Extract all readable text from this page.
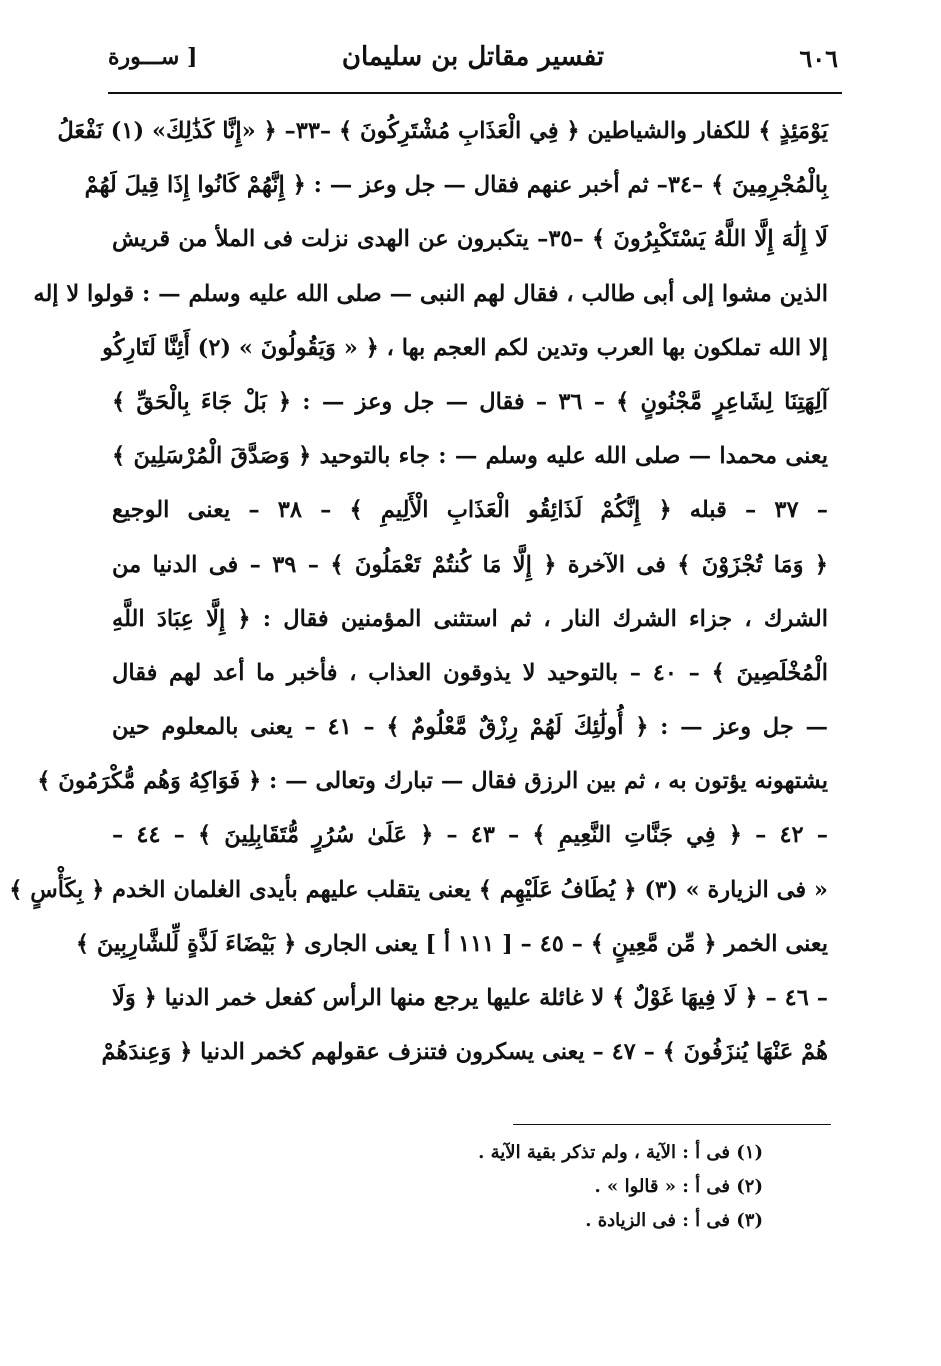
٦٠٦
تفسير مقاتل بن سليمان
[ ســـورة
يَوْمَئِذٍ ﴾ للكفار والشياطين ﴿ فِي الْعَذَابِ مُشْتَرِكُونَ ﴾ –٣٣– ﴿ «إِنَّا كَذَٰلِكَ» (١) نَفْعَلُ
بِالْمُجْرِمِينَ ﴾ –٣٤– ثم أخبر عنهم فقال — جل وعز — : ﴿ إِنَّهُمْ كَانُوا إِذَا قِيلَ لَهُمْ
لَا إِلَٰهَ إِلَّا اللَّهُ يَسْتَكْبِرُونَ ﴾ –٣٥– يتكبرون عن الهدى نزلت فى الملأ من قريش
الذين مشوا إلى أبى طالب ، فقال لهم النبى — صلى الله عليه وسلم — : قولوا لا إله
إلا الله تملكون بها العرب وتدين لكم العجم بها ، ﴿ « وَيَقُولُونَ » (٢) أَئِنَّا لَتَارِكُو
آلِهَتِنَا لِشَاعِرٍ مَّجْنُونٍ ﴾ – ٣٦ – فقال — جل وعز — : ﴿ بَلْ جَاءَ بِالْحَقِّ ﴾
يعنى محمدا — صلى الله عليه وسلم — : جاء بالتوحيد ﴿ وَصَدَّقَ الْمُرْسَلِينَ ﴾
– ٣٧ – قبله ﴿ إِنَّكُمْ لَذَائِقُو الْعَذَابِ الْأَلِيمِ ﴾ – ٣٨ – يعنى الوجيع
﴿ وَمَا تُجْزَوْنَ ﴾ فى الآخرة ﴿ إِلَّا مَا كُنتُمْ تَعْمَلُونَ ﴾ – ٣٩ – فى الدنيا من
الشرك ، جزاء الشرك النار ، ثم استثنى المؤمنين فقال : ﴿ إِلَّا عِبَادَ اللَّهِ
الْمُخْلَصِينَ ﴾ – ٤٠ – بالتوحيد لا يذوقون العذاب ، فأخبر ما أعد لهم فقال
— جل وعز — : ﴿ أُولَٰئِكَ لَهُمْ رِزْقٌ مَّعْلُومٌ ﴾ – ٤١ – يعنى بالمعلوم حين
يشتهونه يؤتون به ، ثم بين الرزق فقال — تبارك وتعالى — : ﴿ فَوَاكِهُ وَهُم مُّكْرَمُونَ ﴾
– ٤٢ – ﴿ فِي جَنَّاتِ النَّعِيمِ ﴾ – ٤٣ – ﴿ عَلَىٰ سُرُرٍ مُّتَقَابِلِينَ ﴾ – ٤٤ –
« فى الزيارة » (٣) ﴿ يُطَافُ عَلَيْهِم ﴾ يعنى يتقلب عليهم بأيدى الغلمان الخدم ﴿ بِكَأْسٍ ﴾
يعنى الخمر ﴿ مِّن مَّعِينٍ ﴾ – ٤٥ – [ ١١١ أ ] يعنى الجارى ﴿ بَيْضَاءَ لَذَّةٍ لِّلشَّارِبِينَ ﴾
– ٤٦ – ﴿ لَا فِيهَا غَوْلٌ ﴾ لا غائلة عليها يرجع منها الرأس كفعل خمر الدنيا ﴿ وَلَا
هُمْ عَنْهَا يُنزَفُونَ ﴾ – ٤٧ – يعنى يسكرون فتنزف عقولهم كخمر الدنيا ﴿ وَعِندَهُمْ
(١) فى أ : الآية ، ولم تذكر بقية الآية .
(٢) فى أ : « قالوا » .
(٣) فى أ : فى الزيادة .
